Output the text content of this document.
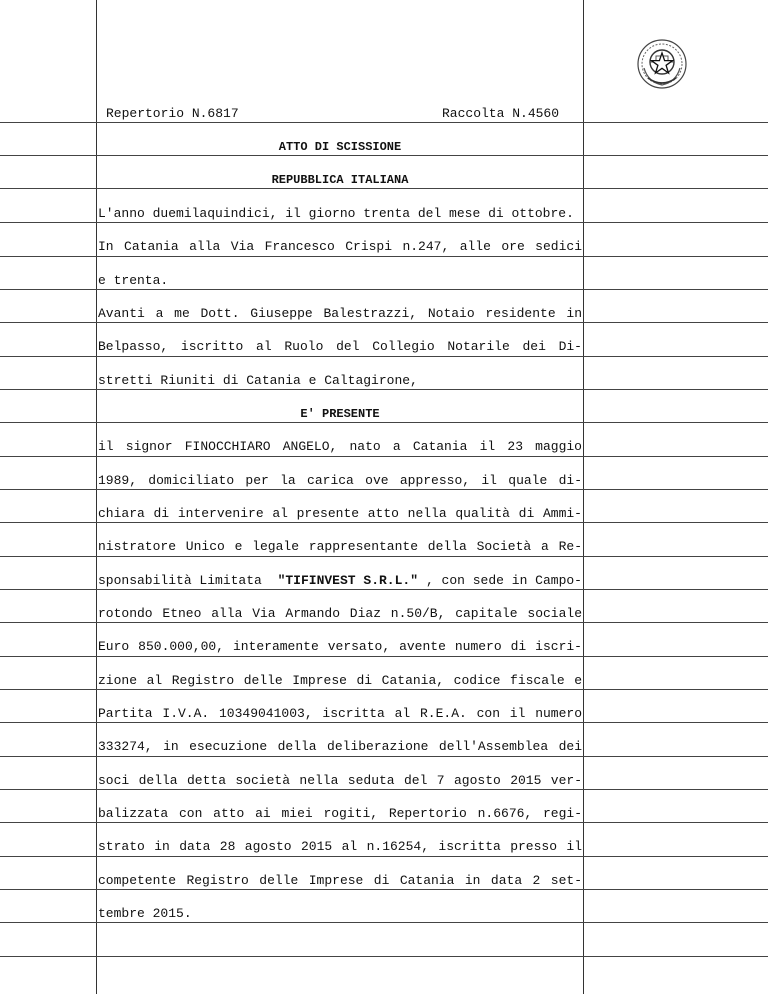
Repertorio N.6817	Raccolta N.4560
ATTO DI SCISSIONE
REPUBBLICA ITALIANA
L'anno duemilaquindici, il giorno trenta del mese di ottobre.
In Catania alla Via Francesco Crispi n.247, alle ore sedici
e trenta.
Avanti a me Dott. Giuseppe Balestrazzi, Notaio residente in
Belpasso, iscritto al Ruolo del Collegio Notarile dei Di-
stretti Riuniti di Catania e Caltagirone,
E' PRESENTE
il signor FINOCCHIARO ANGELO, nato a Catania il 23 maggio
1989, domiciliato per la carica ove appresso, il quale di-
chiara di intervenire al presente atto nella qualità di Ammi-
nistratore Unico e legale rappresentante della Società a Re-
sponsabilità Limitata "TIFINVEST S.R.L." , con sede in Campo-
rotondo Etneo alla Via Armando Diaz n.50/B, capitale sociale
Euro 850.000,00, interamente versato, avente numero di iscri-
zione al Registro delle Imprese di Catania, codice fiscale e
Partita I.V.A. 10349041003, iscritta al R.E.A. con il numero
333274, in esecuzione della deliberazione dell'Assemblea dei
soci della detta società nella seduta del 7 agosto 2015 ver-
balizzata con atto ai miei rogiti, Repertorio n.6676, regi-
strato in data 28 agosto 2015 al n.16254, iscritta presso il
competente Registro delle Imprese di Catania in data 2 set-
tembre 2015.
